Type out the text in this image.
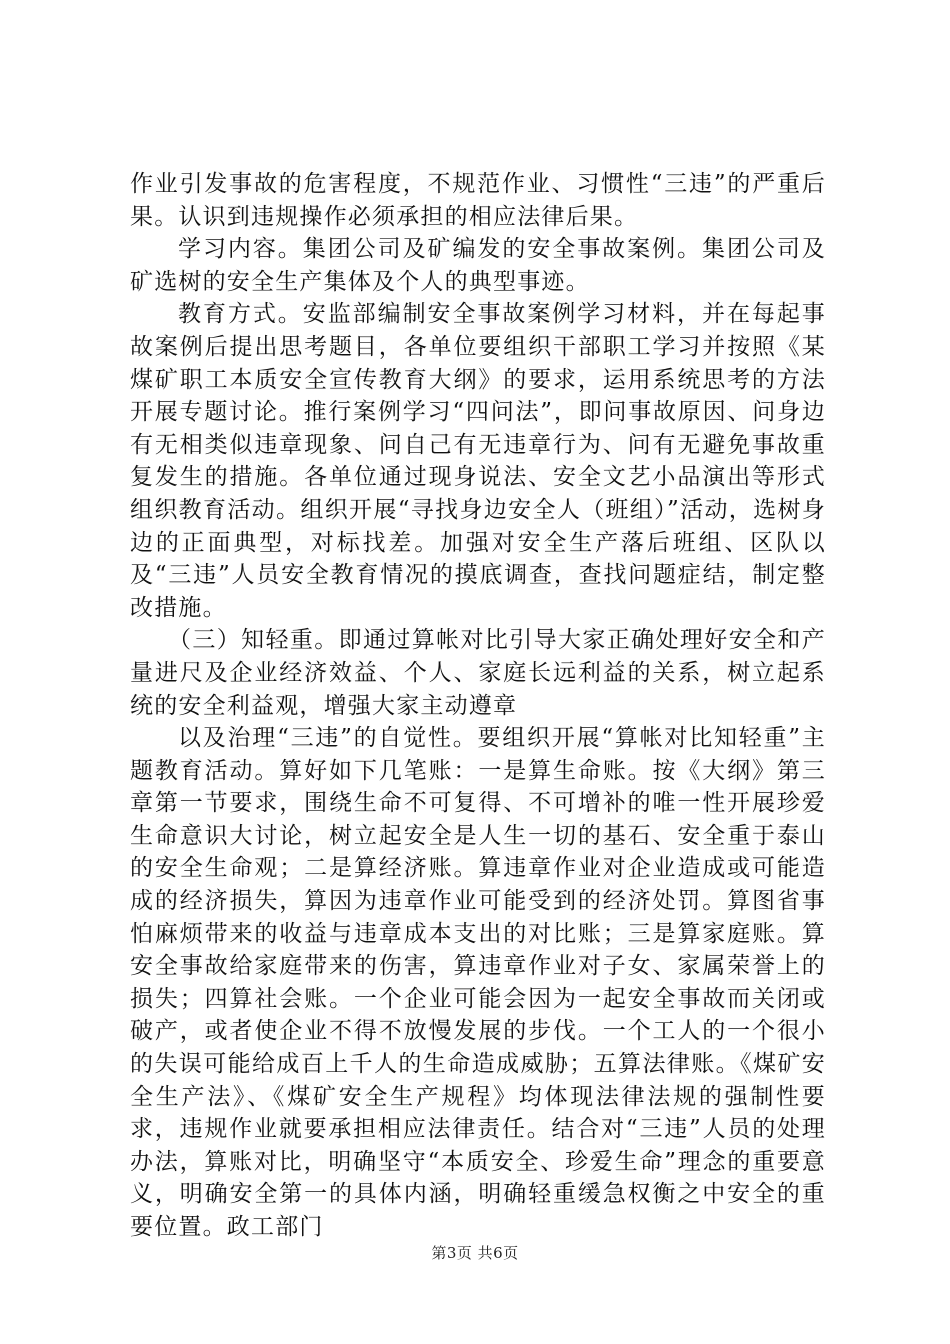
作业引发事故的危害程度，不规范作业、习惯性“三违”的严重后果。认识到违规操作必须承担的相应法律后果。

学习内容。集团公司及矿编发的安全事故案例。集团公司及矿选树的安全生产集体及个人的典型事迹。

教育方式。安监部编制安全事故案例学习材料，并在每起事故案例后提出思考题目，各单位要组织干部职工学习并按照《某煤矿职工本质安全宣传教育大纲》的要求，运用系统思考的方法开展专题讨论。推行案例学习“四问法”，即问事故原因、问身边有无相类似违章现象、问自己有无违章行为、问有无避免事故重复发生的措施。各单位通过现身说法、安全文艺小品演出等形式组织教育活动。组织开展“寻找身边安全人（班组）”活动，选树身边的正面典型，对标找差。加强对安全生产落后班组、区队以及“三违”人员安全教育情况的摸底调查，查找问题症结，制定整改措施。

（三）知轻重。即通过算帐对比引导大家正确处理好安全和产量进尺及企业经济效益、个人、家庭长远利益的关系，树立起系统的安全利益观，增强大家主动遵章

以及治理“三违”的自觉性。要组织开展“算帐对比知轻重”主题教育活动。算好如下几笔账：一是算生命账。按《大纲》第三章第一节要求，围绕生命不可复得、不可增补的唯一性开展珍爱生命意识大讨论，树立起安全是人生一切的基石、安全重于泰山的安全生命观；二是算经济账。算违章作业对企业造成或可能造成的经济损失，算因为违章作业可能受到的经济处罚。算图省事怕麻烦带来的收益与违章成本支出的对比账；三是算家庭账。算安全事故给家庭带来的伤害，算违章作业对子女、家属荣誉上的损失；四算社会账。一个企业可能会因为一起安全事故而关闭或破产，或者使企业不得不放慢发展的步伐。一个工人的一个很小的失误可能给成百上千人的生命造成威胁；五算法律账。《煤矿安全生产法》、《煤矿安全生产规程》均体现法律法规的强制性要求，违规作业就要承担相应法律责任。结合对“三违”人员的处理办法，算账对比，明确坚守“本质安全、珍爱生命”理念的重要意义，明确安全第一的具体内涵，明确轻重缓急权衡之中安全的重要位置。政工部门

第3页 共6页
